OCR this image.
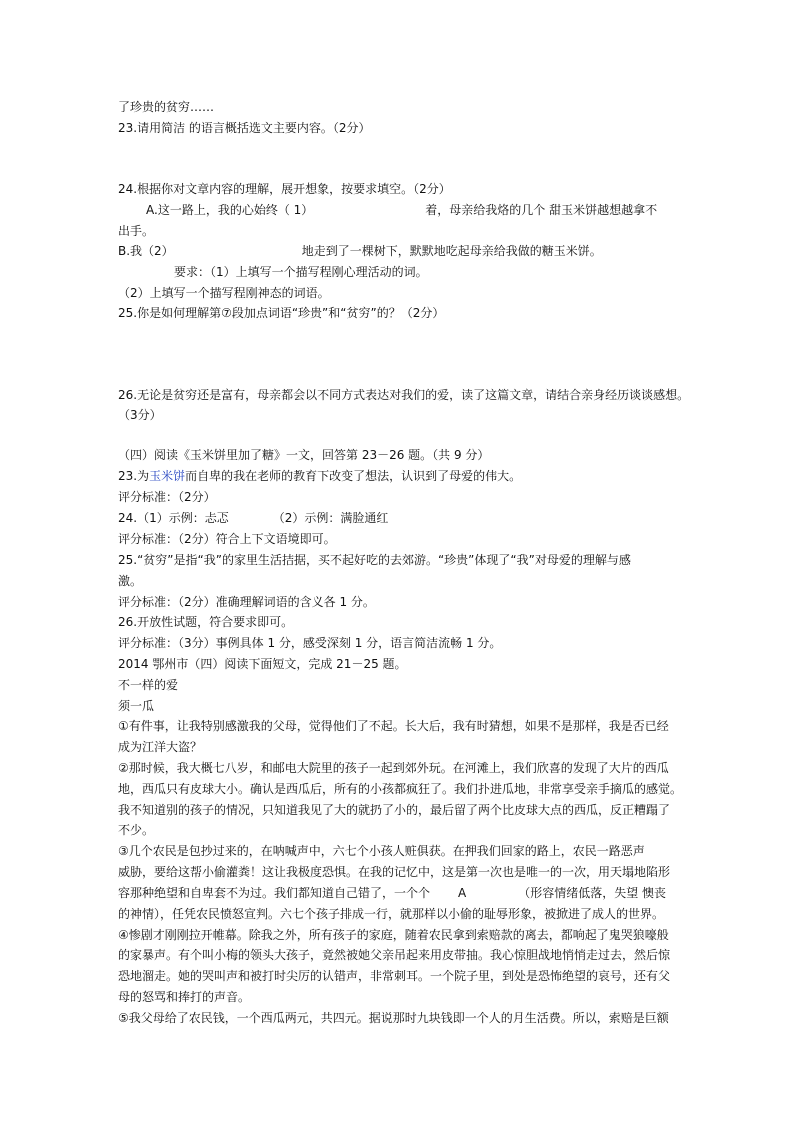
了珍贵的贫穷……
23.请用简洁 的语言概括选文主要内容。（2分）
24.根据你对文章内容的理解，展开想象，按要求填空。（2分）
A.这一路上，我的心始终（ 1）	着，母亲给我烙的几个 甜玉米饼越想越拿不
出手。
B.我（2）	地走到了一棵树下，默默地吃起母亲给我做的糖玉米饼。
要求：（1）上填写一个描写程刚心理活动的词。
（2）上填写一个描写程刚神态的词语。
25.你是如何理解第⑦段加点词语“珍贵”和“贫穷”的？（2分）
26.无论是贫穷还是富有，母亲都会以不同方式表达对我们的爱，读了这篇文章，请结合亲身经历谈谈感想。
（3分）
（四）阅读《玉米饼里加了糖》一文，回答第 23－26 题。（共 9 分）
23.为玉米饼而自卑的我在老师的教育下改变了想法，认识到了母爱的伟大。
评分标准：（2分）
24.（1）示例：忐忑	（2）示例：满脸通红
评分标准：（2分）符合上下文语境即可。
25.“贫穷”是指“我”的家里生活拮据，买不起好吃的去郊游。“珍贵”体现了“我”对母爱的理解与感
激。
评分标准：（2分）准确理解词语的含义各 1 分。
26.开放性试题，符合要求即可。
评分标准：（3分）事例具体 1 分，感受深刻 1 分，语言简洁流畅 1 分。
2014 鄂州市（四）阅读下面短文，完成 21－25 题。
不一样的爱
须一瓜
①有件事，让我特别感激我的父母，觉得他们了不起。长大后，我有时猜想，如果不是那样，我是否已经
成为江洋大盗？
②那时候，我大概七八岁，和邮电大院里的孩子一起到郊外玩。在河滩上，我们欣喜的发现了大片的西瓜
地，西瓜只有皮球大小。确认是西瓜后，所有的小孩都疯狂了。我们扑进瓜地，非常享受亲手摘瓜的感觉。
我不知道别的孩子的情况，只知道我见了大的就扔了小的，最后留了两个比皮球大点的西瓜，反正糟蹋了
不少。
③几个农民是包抄过来的，在呐喊声中，六七个小孩人赃俱获。在押我们回家的路上，农民一路恶声
威胁，要给这帮小偷灌粪！这让我极度恐惧。在我的记忆中，这是第一次也是唯一的一次，用天塌地陷形
容那种绝望和自卑套不为过。我们都知道自己错了，一个个 A	（形容情绪低落，失望 懊丧
的神情），任凭农民愤怒宣判。六七个孩子排成一行，就那样以小偷的耻辱形象，被掀进了成人的世界。
④惨剧才刚刚拉开帷幕。除我之外，所有孩子的家庭，随着农民拿到索赔款的离去，都响起了鬼哭狼嚎般
的家暴声。有个叫小梅的领头大孩子，竟然被她父亲吊起来用皮带抽。我心惊胆战地悄悄走过去，然后惊
恐地溜走。她的哭叫声和被打时尖厉的认错声，非常刺耳。一个院子里，到处是恐怖绝望的哀号，还有父
母的怒骂和捧打的声音。
⑤我父母给了农民钱，一个西瓜两元，共四元。据说那时九块钱即一个人的月生活费。所以，索赔是巨额
